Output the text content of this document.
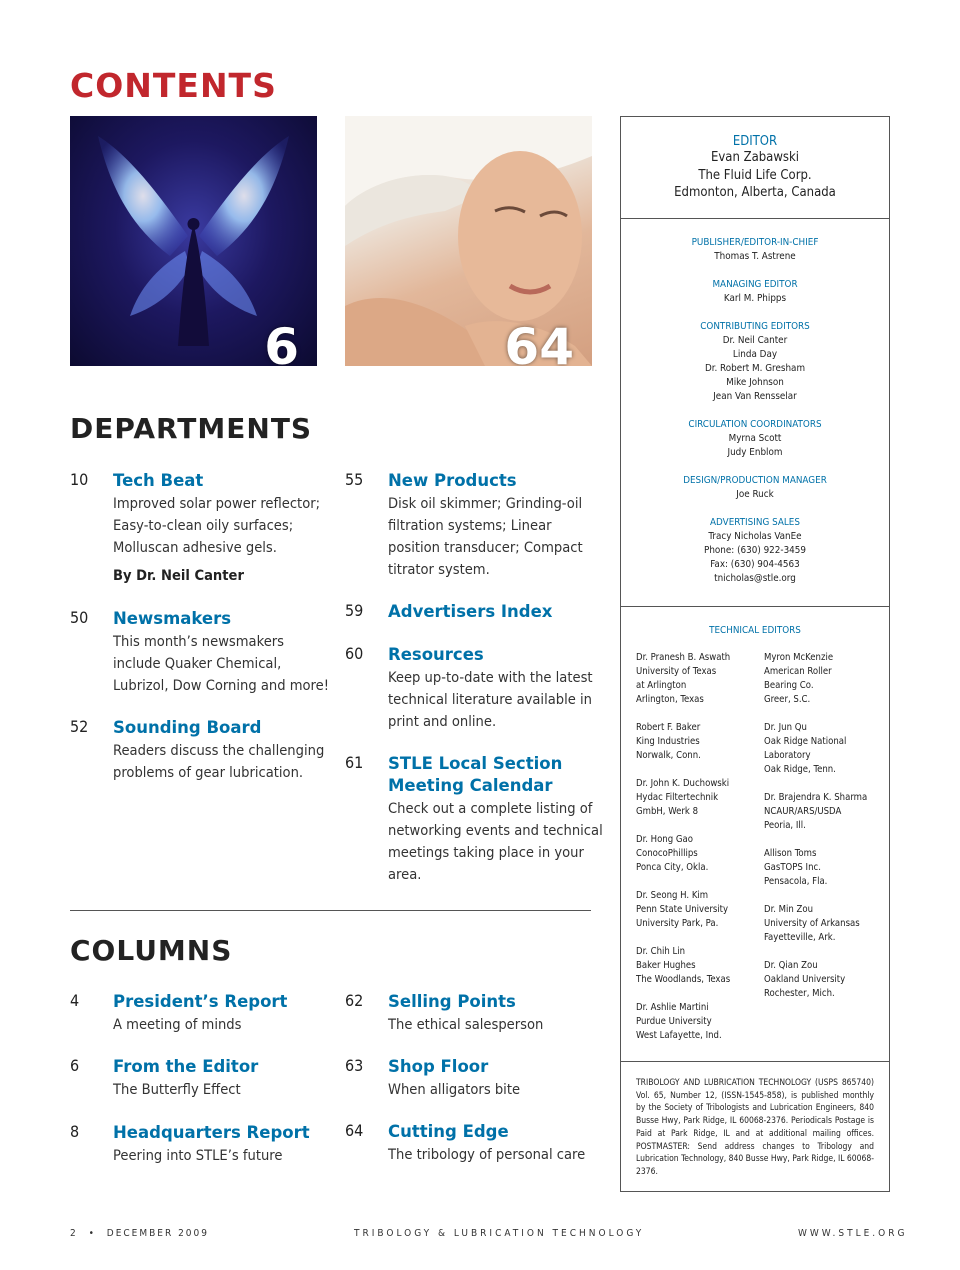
CONTENTS
6	64
DEPARTMENTS
10 Tech Beat
Improved solar power reflector;
Easy-to-clean oily surfaces;
Molluscan adhesive gels.
By Dr. Neil Canter
50 Newsmakers
This month’s newsmakers
include Quaker Chemical,
Lubrizol, Dow Corning and more!
52 Sounding Board
Readers discuss the challenging
problems of gear lubrication.
55 New Products
Disk oil skimmer; Grinding-oil
filtration systems; Linear
position transducer; Compact
titrator system.
59 Advertisers Index
60 Resources
Keep up-to-date with the latest
technical literature available in
print and online.
61 STLE Local Section
Meeting Calendar
Check out a complete listing of
networking events and technical
meetings taking place in your
area.
COLUMNS
4 President’s Report
A meeting of minds
6 From the Editor
The Butterfly Effect
8 Headquarters Report
Peering into STLE’s future
62 Selling Points
The ethical salesperson
63 Shop Floor
When alligators bite
64 Cutting Edge
The tribology of personal care
EDITOR
Evan Zabawski
The Fluid Life Corp.
Edmonton, Alberta, Canada
PUBLISHER/EDITOR-IN-CHIEF
Thomas T. Astrene
MANAGING EDITOR
Karl M. Phipps
CONTRIBUTING EDITORS
Dr. Neil Canter
Linda Day
Dr. Robert M. Gresham
Mike Johnson
Jean Van Rensselar
CIRCULATION COORDINATORS
Myrna Scott
Judy Enblom
DESIGN/PRODUCTION MANAGER
Joe Ruck
ADVERTISING SALES
Tracy Nicholas VanEe
Phone: (630) 922-3459
Fax: (630) 904-4563
tnicholas@stle.org
TECHNICAL EDITORS
Dr. Pranesh B. Aswath
University of Texas
at Arlington
Arlington, Texas
Robert F. Baker
King Industries
Norwalk, Conn.
Dr. John K. Duchowski
Hydac Filtertechnik
GmbH, Werk 8
Dr. Hong Gao
ConocoPhillips
Ponca City, Okla.
Dr. Seong H. Kim
Penn State University
University Park, Pa.
Dr. Chih Lin
Baker Hughes
The Woodlands, Texas
Dr. Ashlie Martini
Purdue University
West Lafayette, Ind.
Myron McKenzie
American Roller
Bearing Co.
Greer, S.C.
Dr. Jun Qu
Oak Ridge National
Laboratory
Oak Ridge, Tenn.
Dr. Brajendra K. Sharma
NCAUR/ARS/USDA
Peoria, Ill.
Allison Toms
GasTOPS Inc.
Pensacola, Fla.
Dr. Min Zou
University of Arkansas
Fayetteville, Ark.
Dr. Qian Zou
Oakland University
Rochester, Mich.
TRIBOLOGY AND LUBRICATION TECHNOLOGY (USPS 865740) Vol. 65, Number 12, (ISSN-1545-858), is published monthly by the Society of Tribologists and Lubrication Engineers, 840 Busse Hwy, Park Ridge, IL 60068-2376. Periodicals Postage is Paid at Park Ridge, IL and at additional mailing offices. POSTMASTER: Send address changes to Tribology and Lubrication Technology, 840 Busse Hwy, Park Ridge, IL 60068-2376.
2 • DECEMBER 2009	TRIBOLOGY & LUBRICATION TECHNOLOGY	WWW.STLE.ORG
